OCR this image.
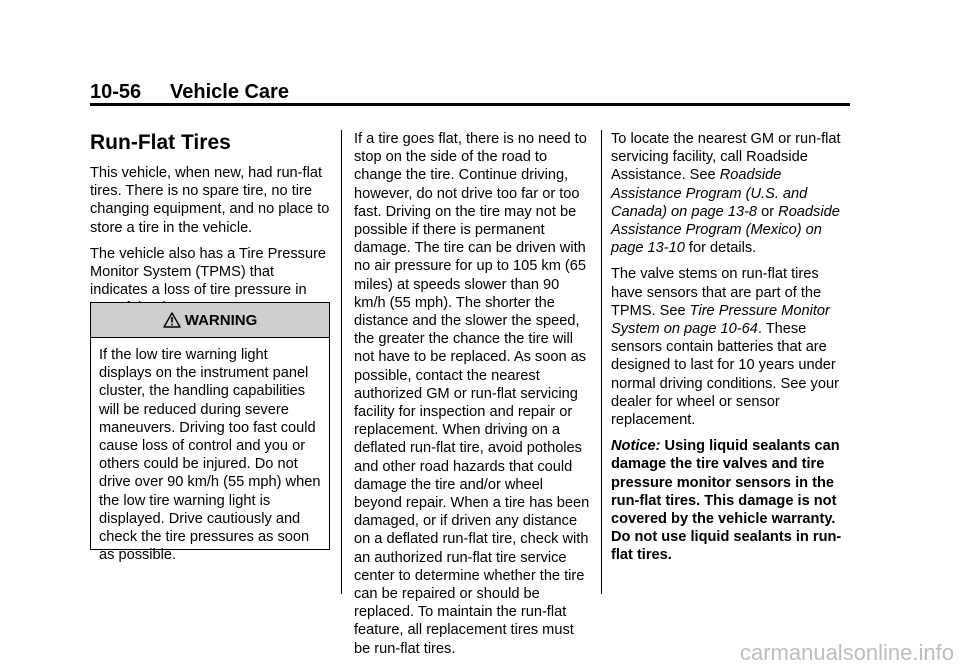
10-56 Vehicle Care
Run-Flat Tires

This vehicle, when new, had run-flat tires. There is no spare tire, no tire changing equipment, and no place to store a tire in the vehicle.

The vehicle also has a Tire Pressure Monitor System (TPMS) that indicates a loss of tire pressure in

WARNING
If the low tire warning light displays on the instrument panel cluster, the handling capabilities will be reduced during severe maneuvers. Driving too fast could cause loss of control and you or others could be injured. Do not drive over 90 km/h (55 mph) when the low tire warning light is displayed. Drive cautiously and check the tire pressures as soon as possible.

If a tire goes flat, there is no need to stop on the side of the road to change the tire. Continue driving, however, do not drive too far or too fast. Driving on the tire may not be possible if there is permanent damage. The tire can be driven with no air pressure for up to 105 km (65 miles) at speeds slower than 90 km/h (55 mph). The shorter the distance and the slower the speed, the greater the chance the tire will not have to be replaced. As soon as possible, contact the nearest authorized GM or run-flat servicing facility for inspection and repair or replacement. When driving on a deflated run-flat tire, avoid potholes and other road hazards that could damage the tire and/or wheel beyond repair. When a tire has been damaged, or if driven any distance on a deflated run-flat tire, check with an authorized run-flat tire service center to determine whether the tire can be repaired or should be replaced. To maintain the run-flat feature, all replacement tires must be run-flat tires.

To locate the nearest GM or run-flat servicing facility, call Roadside Assistance. See Roadside Assistance Program (U.S. and Canada) on page 13-8 or Roadside Assistance Program (Mexico) on page 13-10 for details.

The valve stems on run-flat tires have sensors that are part of the TPMS. See Tire Pressure Monitor System on page 10-64. These sensors contain batteries that are designed to last for 10 years under normal driving conditions. See your dealer for wheel or sensor replacement.

Notice: Using liquid sealants can damage the tire valves and tire pressure monitor sensors in the run-flat tires. This damage is not covered by the vehicle warranty. Do not use liquid sealants in run-flat tires.

carmanualsonline.info
